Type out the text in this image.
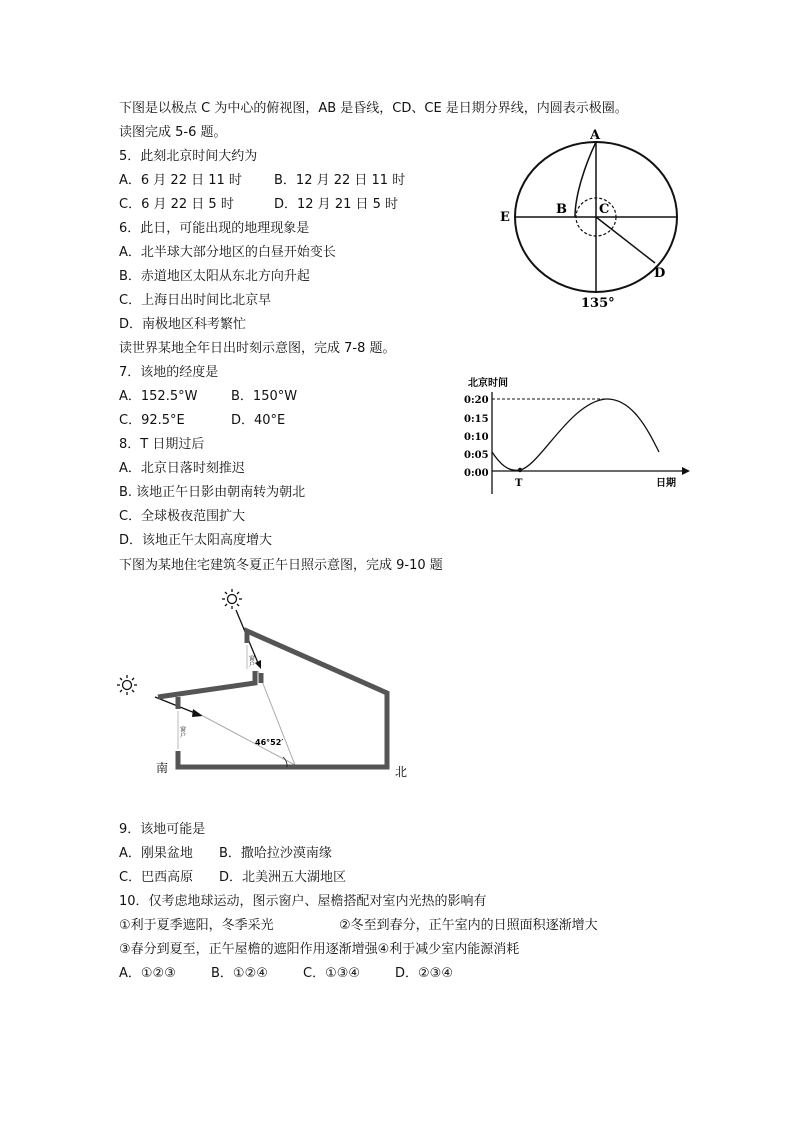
下图是以极点 C 为中心的俯视图，AB 是昏线，CD、CE 是日期分界线，内圆表示极圈。
读图完成 5-6 题。
5．此刻北京时间大约为
A．6 月 22 日 11 时 B．12 月 22 日 11 时
C．6 月 22 日 5 时	D．12 月 21 日 5 时
6．此日，可能出现的地理现象是
A．北半球大部分地区的白昼开始变长
B．赤道地区太阳从东北方向升起
C．上海日出时间比北京早
D．南极地区科考繁忙
A
B C
D
E
135°
读世界某地全年日出时刻示意图，完成 7-8 题。
7．该地的经度是
A．152.5°W	B．150°W
C．92.5°E	D．40°E
8．T 日期过后
A．北京日落时刻推迟
B. 该地正午日影由朝南转为朝北
C．全球极夜范围扩大
D．该地正午太阳高度增大
北京时间
0:20
0:15
0:10
0:05
0:00
T	日期
下图为某地住宅建筑冬夏正午日照示意图，完成 9-10 题
窗户
窗户
46°52′
南	北
9．该地可能是
A．刚果盆地 B．撒哈拉沙漠南缘
C．巴西高原 D．北美洲五大湖地区
10．仅考虑地球运动，图示窗户、屋檐搭配对室内光热的影响有
①利于夏季遮阳，冬季采光	②冬至到春分，正午室内的日照面积逐渐增大
③春分到夏至，正午屋檐的遮阳作用逐渐增强④利于减少室内能源消耗
A．①②③	B．①②④	C．①③④	D．②③④
